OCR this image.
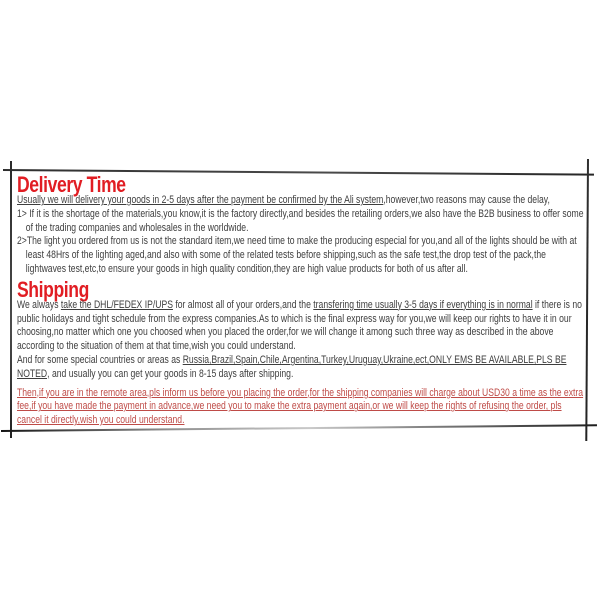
Delivery Time

Usually we will delivery your goods in 2-5 days after the payment be confirmed by the Ali system,however,two reasons may cause the delay,

1> If it is the shortage of the materials,you know,it is the factory directly,and besides the retailing orders,we also have the B2B business to offer some of the trading companies and wholesales in the worldwide.

2>The light you ordered from us is not the standard item,we need time to make the producing especial for you,and all of the lights should be with at least 48Hrs of the lighting aged,and also with some of the related tests before shipping,such as the safe test,the drop test of the pack,the lightwaves test,etc,to ensure your goods in high quality condition,they are high value products for both of us after all.

Shipping

We always take the DHL/FEDEX IP/UPS for almost all of your orders,and the transfering time usually 3-5 days if everything is in normal if there is no public holidays and tight schedule from the express companies.As to which is the final express way for you,we will keep our rights to have it in our choosing,no matter which one you choosed when you placed the order,for we will change it among such three way as described in the above according to the situation of them at that time,wish you could understand.

And for some special countries or areas as Russia,Brazil,Spain,Chile,Argentina,Turkey,Uruguay,Ukraine,ect,ONLY EMS BE AVAILABLE,PLS BE NOTED, and usually you can get your goods in 8-15 days after shipping.

Then,if you are in the remote area,pls inform us before you placing the order,for the shipping companies will charge about USD30 a time as the extra fee,if you have made the payment in advance,we need you to make the extra payment again,or we will keep the rights of refusing the order, pls cancel it directly,wish you could understand.
